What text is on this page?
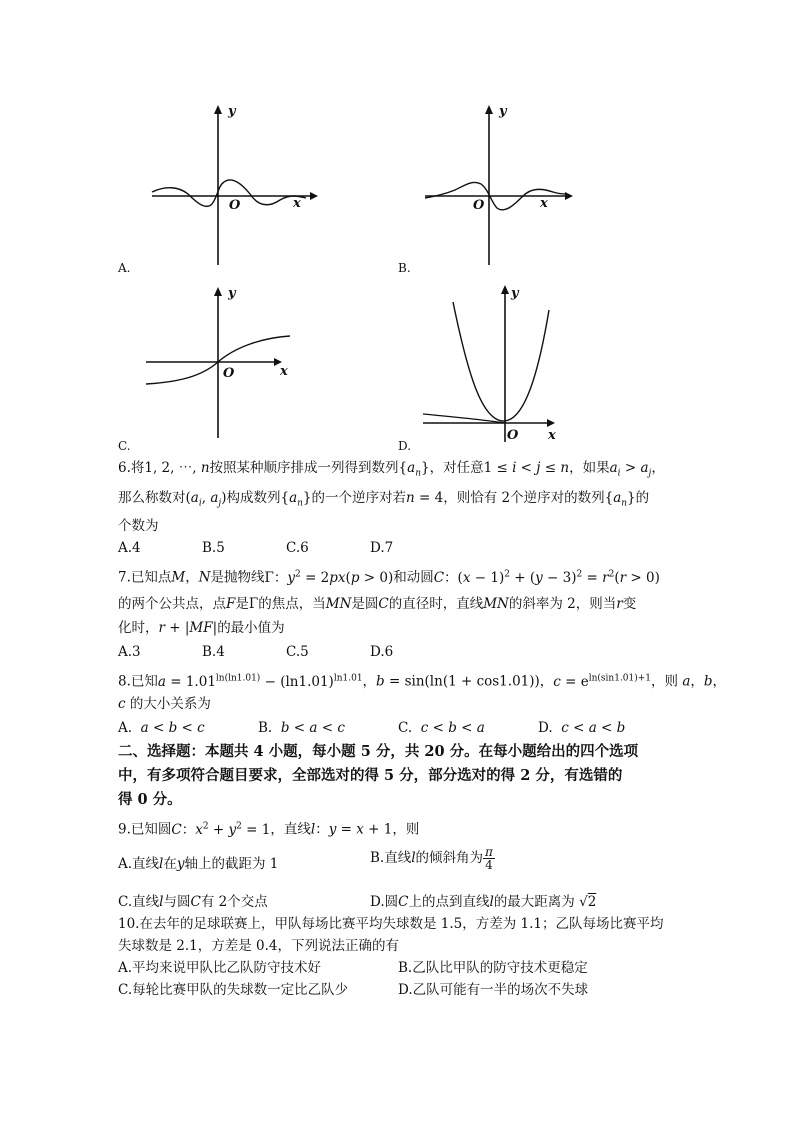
y
O	x
A.
y
O	x
B.
y
O	x
C.
y
O x
D.
6.将1, 2, ⋯, n按照某种顺序排成一列得到数列$\{a_n\}$，对任意1 ≤ i < j ≤ n，如果$a_i > a_j$，
那么称数对($a_i$, $a_j$)构成数列$\{a_n\}$的一个逆序对若n = 4，则恰有 2个逆序对的数列$\{a_n\}$的
个数为
A.4	B.5	C.6	D.7
7.已知点M，N是抛物线Γ：$y^2 = 2px(p > 0)$和动圆C：$(x - 1)^2 + (y - 3)^2 = r^2(r > 0)$
的两个公共点，点F是Γ的焦点，当MN是圆C的直径时，直线MN的斜率为 2，则当r变
化时，r + |MF|的最小值为
A.3	B.4	C.5	D.6
8.已知$a = 1.01^{ln(ln1.01)} - (\ln 1.01)^{ln1.01}$，b = sin(ln(1 + cos1.01))，$c = e^{ln(sin1.01)+1}$，则 a，b，
c 的大小关系为
A. a < b < c	B. b < a < c	C. c < b < a	D. c < a < b
二、选择题：本题共 4 小题，每小题 5 分，共 20 分。在每小题给出的四个选项
中，有多项符合题目要求，全部选对的得 5 分，部分选对的得 2 分，有选错的
得 0 分。
9.已知圆C：$x^2 + y^2 = 1$，直线l：y = x + 1，则
A.直线l在y轴上的截距为 1	B.直线l的倾斜角为 $\frac{\pi}{4}$
C.直线l与圆C有 2个交点	D.圆C上的点到直线l的最大距离为 √2
10.在去年的足球联赛上，甲队每场比赛平均失球数是 1.5，方差为 1.1；乙队每场比赛平均
失球数是 2.1，方差是 0.4，下列说法正确的有
A.平均来说甲队比乙队防守技术好	B.乙队比甲队的防守技术更稳定
C.每轮比赛甲队的失球数一定比乙队少	D.乙队可能有一半的场次不失球
